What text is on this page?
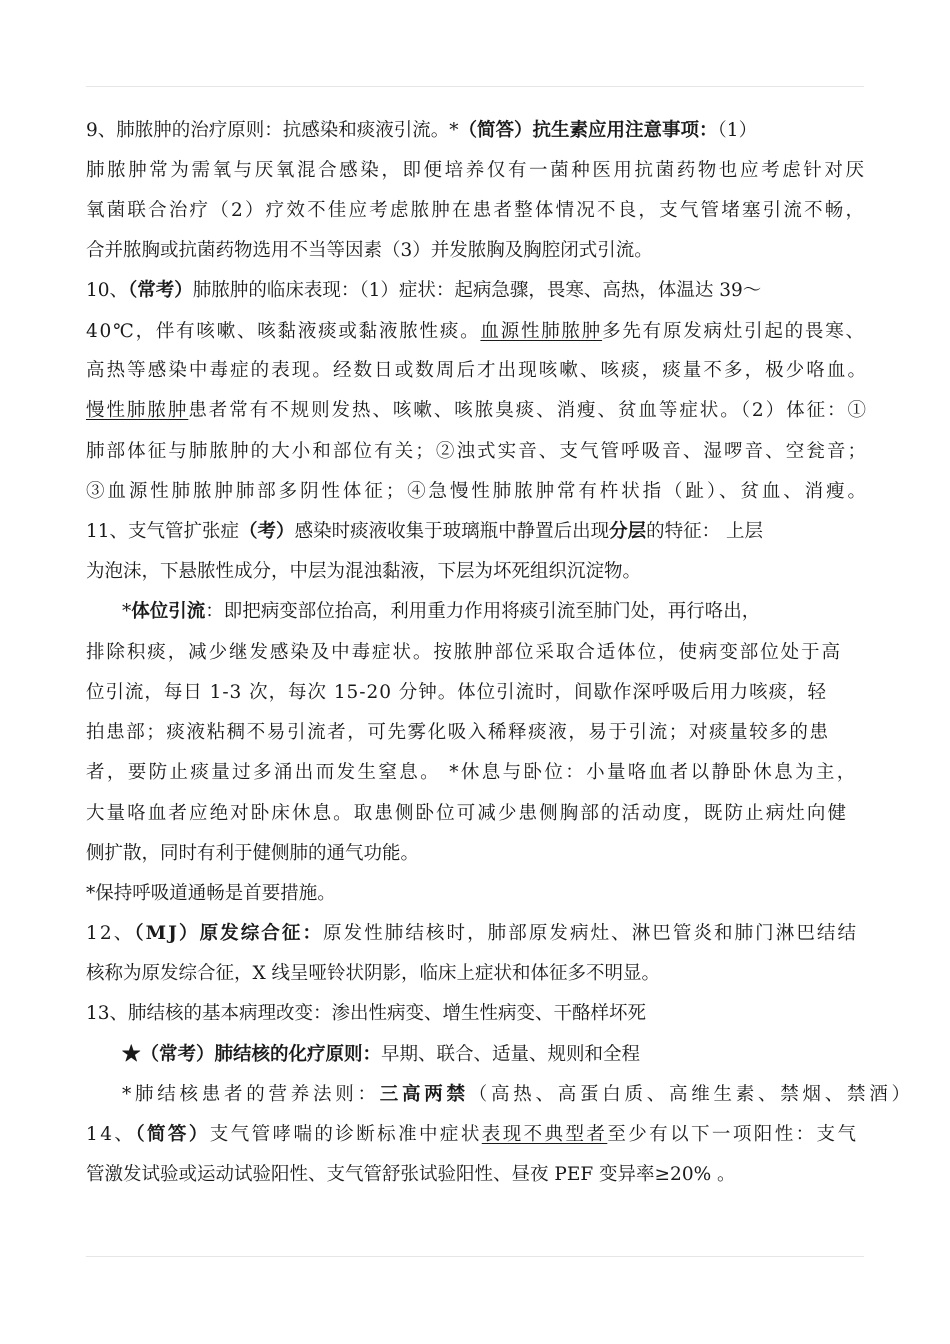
9、肺脓肿的治疗原则：抗感染和痰液引流。*（简答）抗生素应用注意事项：（1）
肺脓肿常为需氧与厌氧混合感染，即便培养仅有一菌种医用抗菌药物也应考虑针对厌
氧菌联合治疗（2）疗效不佳应考虑脓肿在患者整体情况不良，支气管堵塞引流不畅，
合并脓胸或抗菌药物选用不当等因素（3）并发脓胸及胸腔闭式引流。
10、（常考）肺脓肿的临床表现：（1）症状：起病急骤，畏寒、高热，体温达 39～
40℃，伴有咳嗽、咳黏液痰或黏液脓性痰。血源性肺脓肿多先有原发病灶引起的畏寒、
高热等感染中毒症的表现。经数日或数周后才出现咳嗽、咳痰，痰量不多，极少咯血。
慢性肺脓肿患者常有不规则发热、咳嗽、咳脓臭痰、消瘦、贫血等症状。（2）体征：①
肺部体征与肺脓肿的大小和部位有关；②浊式实音、支气管呼吸音、湿啰音、空瓮音；
③血源性肺脓肿肺部多阴性体征；④急慢性肺脓肿常有杵状指（趾）、贫血、消瘦。
11、支气管扩张症（考）感染时痰液收集于玻璃瓶中静置后出现分层的特征： 上层
为泡沫，下悬脓性成分，中层为混浊黏液，下层为坏死组织沉淀物。
*体位引流：即把病变部位抬高，利用重力作用将痰引流至肺门处，再行咯出，
排除积痰，减少继发感染及中毒症状。按脓肿部位采取合适体位，使病变部位处于高
位引流，每日 1-3 次，每次 15-20 分钟。体位引流时，间歇作深呼吸后用力咳痰，轻
拍患部；痰液粘稠不易引流者，可先雾化吸入稀释痰液，易于引流；对痰量较多的患
者，要防止痰量过多涌出而发生窒息。 *休息与卧位：小量咯血者以静卧休息为主，
大量咯血者应绝对卧床休息。取患侧卧位可减少患侧胸部的活动度，既防止病灶向健
侧扩散，同时有利于健侧肺的通气功能。
*保持呼吸道通畅是首要措施。
12、（MJ）原发综合征：原发性肺结核时，肺部原发病灶、淋巴管炎和肺门淋巴结结
核称为原发综合征，X 线呈哑铃状阴影，临床上症状和体征多不明显。
13、肺结核的基本病理改变：渗出性病变、增生性病变、干酪样坏死
★（常考）肺结核的化疗原则：早期、联合、适量、规则和全程
*肺结核患者的营养法则：三高两禁（高热、高蛋白质、高维生素、禁烟、禁酒）
14、（简答）支气管哮喘的诊断标准中症状表现不典型者至少有以下一项阳性：支气
管激发试验或运动试验阳性、支气管舒张试验阳性、昼夜 PEF 变异率≥20% 。
